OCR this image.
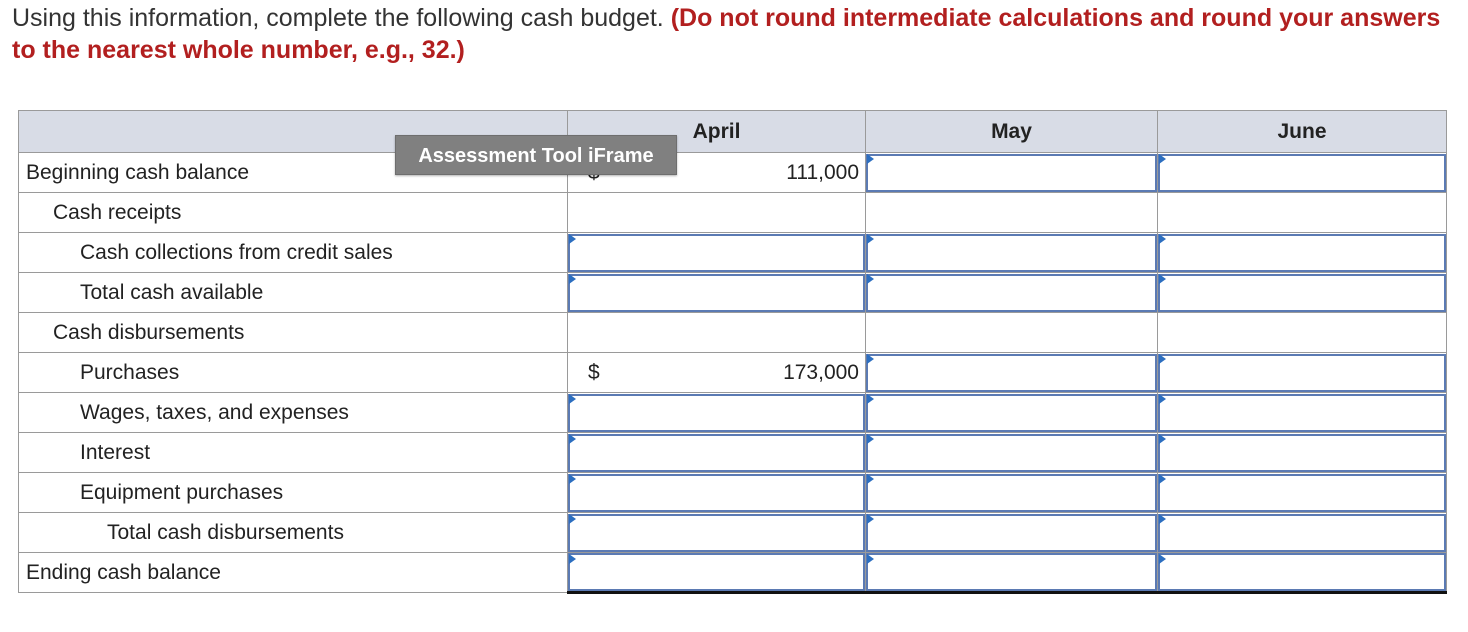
Using this information, complete the following cash budget. (Do not round intermediate calculations and round your answers to the nearest whole number, e.g., 32.)
	April	May	June
Beginning cash balance	111,000

Cash receipts			
Cash collections from credit sales	

Total cash available	

Cash disbursements			
Purchases	$ 173,000

Wages, taxes, and expenses	

Interest	

Equipment purchases	

Total cash disbursements	

Ending cash balance	

Assessment Tool iFrame
